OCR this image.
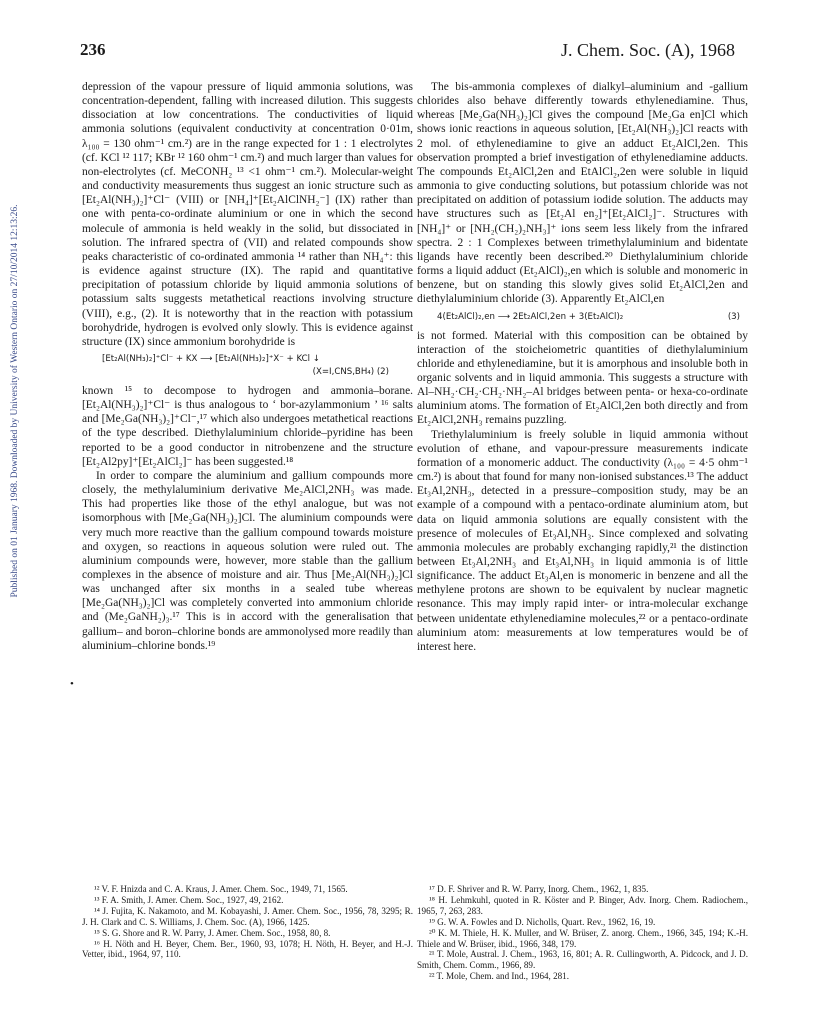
236	J. Chem. Soc. (A), 1968
Published on 01 January 1968. Downloaded by University of Western Ontario on 27/10/2014 12:13:26.
•

depression of the vapour pressure of liquid ammonia solutions, was concentration-dependent, falling with increased dilution. This suggests dissociation at low concentrations. The conductivities of liquid ammonia solutions (equivalent conductivity at concentration 0·01m, λ₁₀₀ = 130 ohm⁻¹ cm.²) are in the range expected for 1 : 1 electrolytes (cf. KCl ¹² 117; KBr ¹² 160 ohm⁻¹ cm.²) and much larger than values for non-electrolytes (cf. MeCONH₂ ¹³ <1 ohm⁻¹ cm.²). Molecular-weight and conductivity measurements thus suggest an ionic structure such as [Et₂Al(NH₃)₂]⁺Cl⁻ (VIII) or [NH₄]⁺[Et₂AlClNH₂⁻] (IX) rather than one with penta-co-ordinate aluminium or one in which the second molecule of ammonia is held weakly in the solid, but dissociated in solution. The infrared spectra of (VII) and related compounds show peaks characteristic of co-ordinated ammonia ¹⁴ rather than NH₄⁺: this is evidence against structure (IX). The rapid and quantitative precipitation of potassium chloride by liquid ammonia solutions of potassium salts suggests metathetical reactions involving structure (VIII), e.g., (2). It is noteworthy that in the reaction with potassium borohydride, hydrogen is evolved only slowly. This is evidence against structure (IX) since ammonium borohydride is

[Et₂Al(NH₃)₂]⁺Cl⁻ + KX ⟶ [Et₂Al(NH₃)₂]⁺X⁻ + KCl ↓
(X=I,CNS,BH₄) (2)

known ¹⁵ to decompose to hydrogen and ammonia–borane. [Et₂Al(NH₃)₂]⁺Cl⁻ is thus analogous to ‘ bor-azylammonium ’ ¹⁶ salts and [Me₂Ga(NH₃)₂]⁺Cl⁻,¹⁷ which also undergoes metathetical reactions of the type described. Diethylaluminium chloride–pyridine has been reported to be a good conductor in nitrobenzene and the structure [Et₂Al2py]⁺[Et₂AlCl₂]⁻ has been suggested.¹⁸

In order to compare the aluminium and gallium compounds more closely, the methylaluminium derivative Me₂AlCl,2NH₃ was made. This had properties like those of the ethyl analogue, but was not isomorphous with [Me₂Ga(NH₃)₂]Cl. The aluminium compounds were very much more reactive than the gallium compound towards moisture and oxygen, so reactions in aqueous solution were ruled out. The aluminium compounds were, however, more stable than the gallium complexes in the absence of moisture and air. Thus [Me₂Al(NH₃)₂]Cl was unchanged after six months in a sealed tube whereas [Me₂Ga(NH₃)₂]Cl was completely converted into ammonium chloride and (Me₂GaNH₂)₃.¹⁷ This is in accord with the generalisation that gallium– and boron–chlorine bonds are ammonolysed more readily than aluminium–chlorine bonds.¹⁹

The bis-ammonia complexes of dialkyl–aluminium and -gallium chlorides also behave differently towards ethylenediamine. Thus, whereas [Me₂Ga(NH₃)₂]Cl gives the compound [Me₂Ga en]Cl which shows ionic reactions in aqueous solution, [Et₂Al(NH₃)₂]Cl reacts with 2 mol. of ethylenediamine to give an adduct Et₂AlCl,2en. This observation prompted a brief investigation of ethylenediamine adducts. The compounds Et₂AlCl,2en and EtAlCl₂,2en were soluble in liquid ammonia to give conducting solutions, but potassium chloride was not precipitated on addition of potassium iodide solution. The adducts may have structures such as [Et₂Al en₂]⁺[Et₂AlCl₂]⁻. Structures with [NH₄]⁺ or [NH₂(CH₂)₂NH₃]⁺ ions seem less likely from the infrared spectra. 2 : 1 Complexes between trimethylaluminium and bidentate ligands have recently been described.²⁰ Diethylaluminium chloride forms a liquid adduct (Et₂AlCl)₂,en which is soluble and monomeric in benzene, but on standing this slowly gives solid Et₂AlCl,2en and diethylaluminium chloride (3). Apparently Et₂AlCl,en

4(Et₂AlCl)₂,en ⟶ 2Et₂AlCl,2en + 3(Et₂AlCl)₂	(3)

is not formed. Material with this composition can be obtained by interaction of the stoicheiometric quantities of diethylaluminium chloride and ethylenediamine, but it is amorphous and insoluble both in organic solvents and in liquid ammonia. This suggests a structure with Al–NH₂·CH₂·CH₂·NH₂–Al bridges between penta- or hexa-co-ordinate aluminium atoms. The formation of Et₂AlCl,2en both directly and from Et₂AlCl,2NH₃ remains puzzling.

Triethylaluminium is freely soluble in liquid ammonia without evolution of ethane, and vapour-pressure measurements indicate formation of a monomeric adduct. The conductivity (λ₁₀₀ = 4·5 ohm⁻¹ cm.²) is about that found for many non-ionised substances.¹³ The adduct Et₃Al,2NH₃, detected in a pressure–composition study, may be an example of a compound with a pentaco-ordinate aluminium atom, but data on liquid ammonia solutions are equally consistent with the presence of molecules of Et₃Al,NH₃. Since complexed and solvating ammonia molecules are probably exchanging rapidly,²¹ the distinction between Et₃Al,2NH₃ and Et₃Al,NH₃ in liquid ammonia is of little significance. The adduct Et₃Al,en is monomeric in benzene and all the methylene protons are shown to be equivalent by nuclear magnetic resonance. This may imply rapid inter- or intra-molecular exchange between unidentate ethylenediamine molecules,²² or a pentaco-ordinate aluminium atom: measurements at low temperatures would be of interest here.

¹² V. F. Hnizda and C. A. Kraus, J. Amer. Chem. Soc., 1949, 71, 1565.

¹³ F. A. Smith, J. Amer. Chem. Soc., 1927, 49, 2162.

¹⁴ J. Fujita, K. Nakamoto, and M. Kobayashi, J. Amer. Chem. Soc., 1956, 78, 3295; R. J. H. Clark and C. S. Williams, J. Chem. Soc. (A), 1966, 1425.

¹⁵ S. G. Shore and R. W. Parry, J. Amer. Chem. Soc., 1958, 80, 8.

¹⁶ H. Nöth and H. Beyer, Chem. Ber., 1960, 93, 1078; H. Nöth, H. Beyer, and H.-J. Vetter, ibid., 1964, 97, 110.

¹⁷ D. F. Shriver and R. W. Parry, Inorg. Chem., 1962, 1, 835.

¹⁸ H. Lehmkuhl, quoted in R. Köster and P. Binger, Adv. Inorg. Chem. Radiochem., 1965, 7, 263, 283.

¹⁹ G. W. A. Fowles and D. Nicholls, Quart. Rev., 1962, 16, 19.

²⁰ K. M. Thiele, H. K. Muller, and W. Brüser, Z. anorg. Chem., 1966, 345, 194; K.-H. Thiele and W. Brüser, ibid., 1966, 348, 179.

²¹ T. Mole, Austral. J. Chem., 1963, 16, 801; A. R. Cullingworth, A. Pidcock, and J. D. Smith, Chem. Comm., 1966, 89.

²² T. Mole, Chem. and Ind., 1964, 281.
